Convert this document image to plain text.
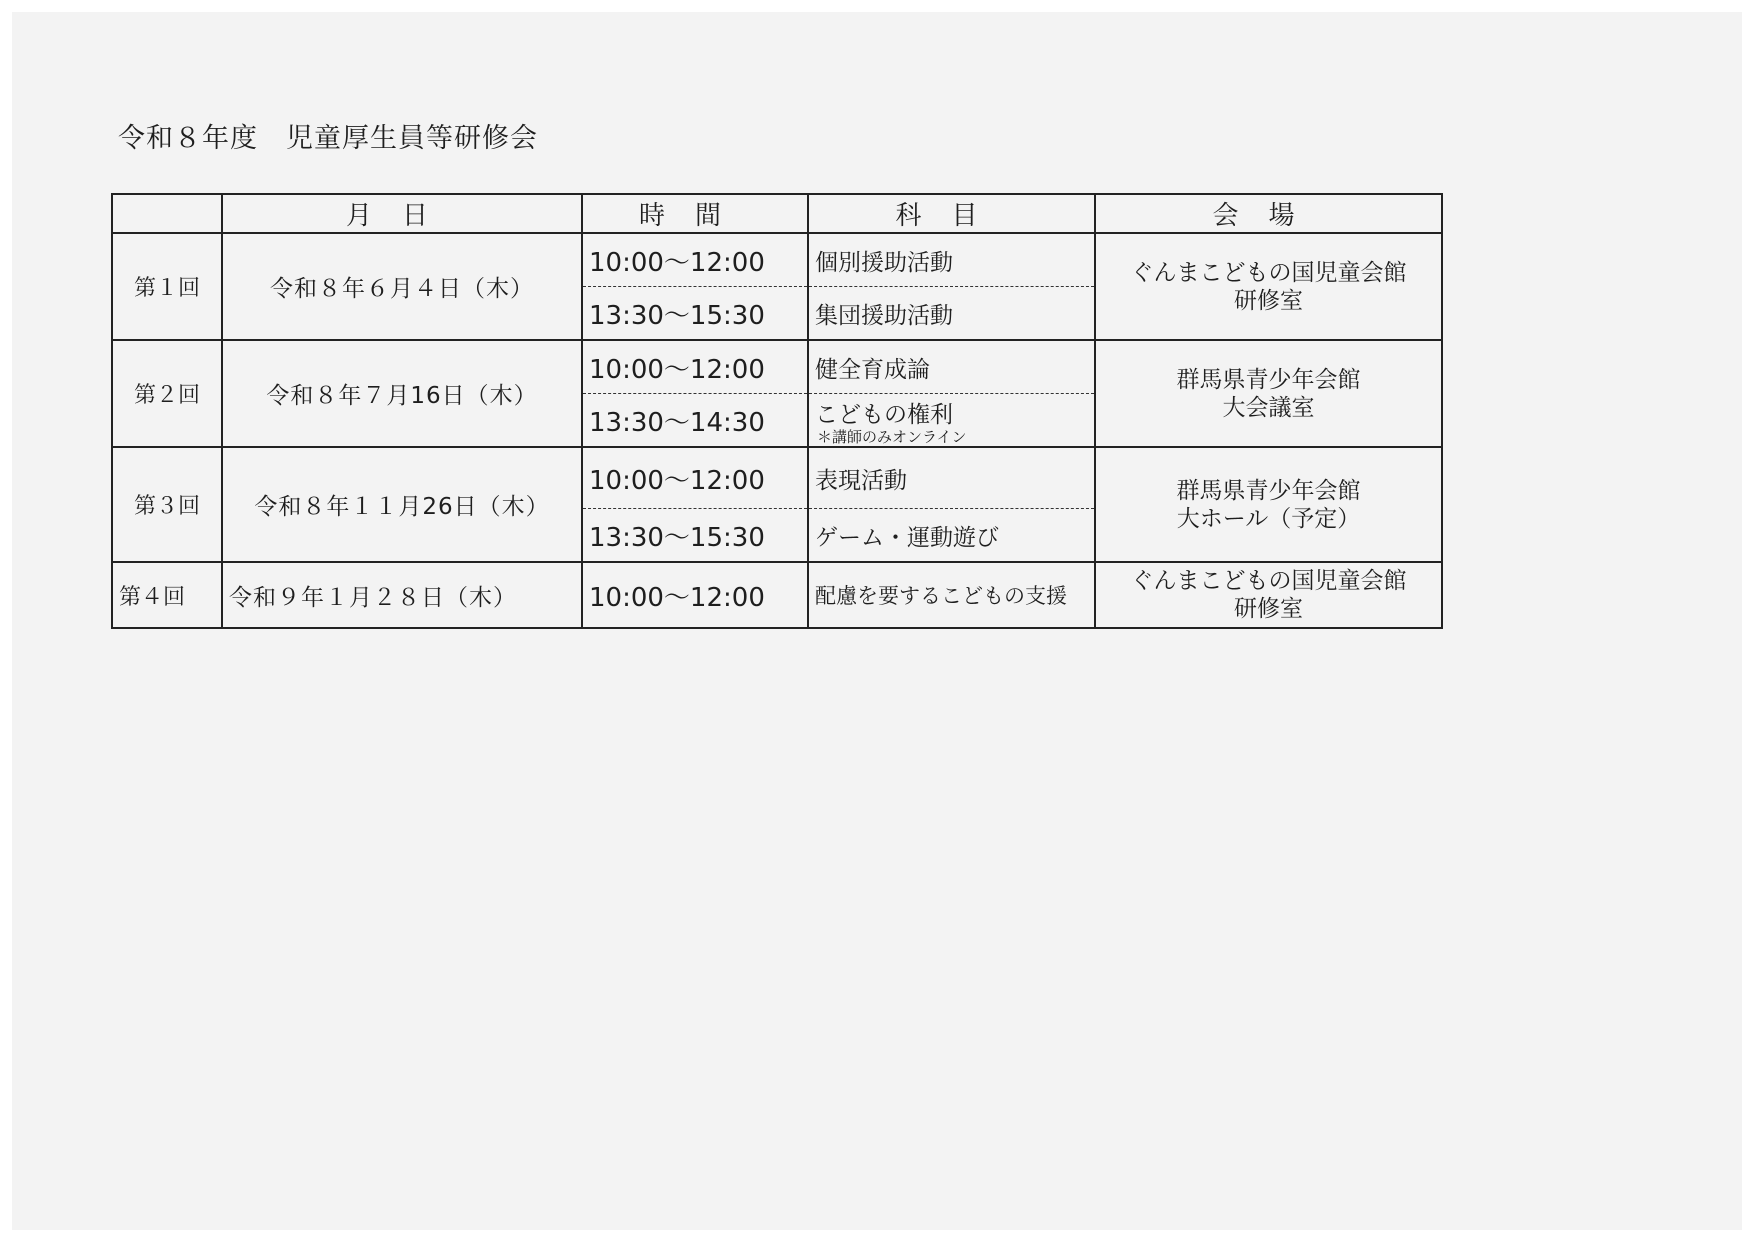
令和８年度　児童厚生員等研修会
	月日	時間	科目	会場
第１回	令和８年６月４日（木）	10:00～12:00	個別援助活動	ぐんまこどもの国児童会館
研修室

		13:30～15:30	集団援助活動	
第２回	令和８年７月16日（木）	10:00～12:00	健全育成論	群馬県青少年会館
大会議室

		13:30～14:30	こどもの権利
＊講師のみオンライン	

第３回	令和８年１１月26日（木）	10:00～12:00	表現活動	群馬県青少年会館
大ホール（予定）

		13:30～15:30	ゲーム・運動遊び	
第４回	令和９年１月２８日（木）	10:00～12:00	配慮を要するこどもの支援	ぐんまこどもの国児童会館
研修室
